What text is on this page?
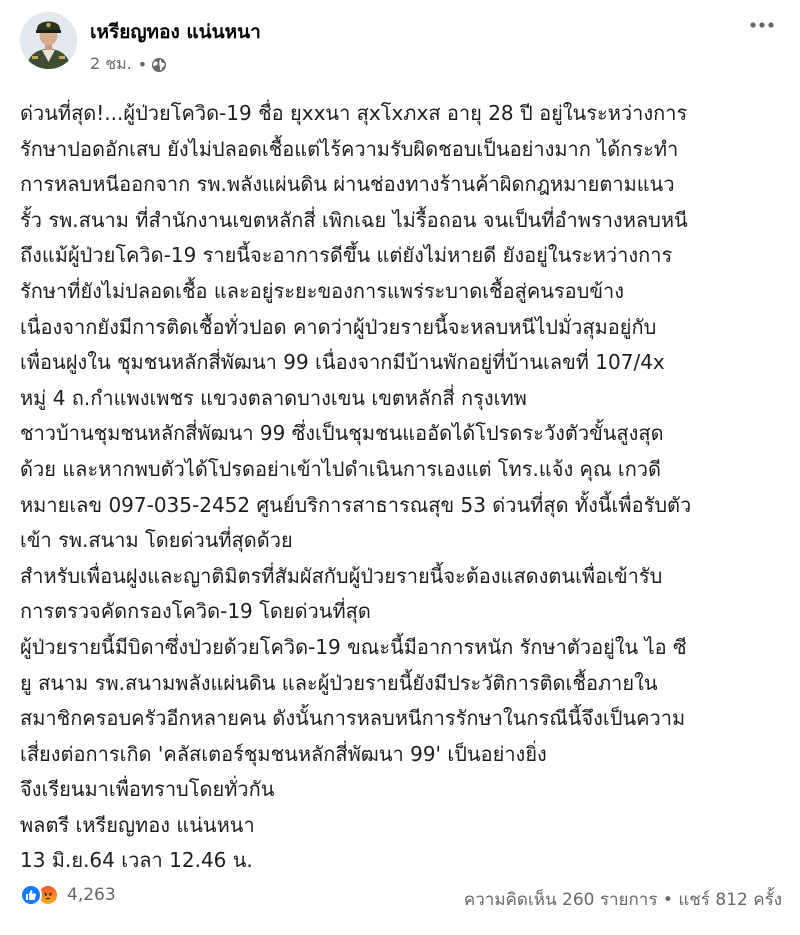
เหรียญทอง แน่นหนา
2 ชม. •
ด่วนที่สุด!...ผู้ป่วยโควิด-19 ชื่อ ยุxxนา สุxโxภxส อายุ 28 ปี อยู่ในระหว่างการ
รักษาปอดอักเสบ ยังไม่ปลอดเชื้อแต่ไร้ความรับผิดชอบเป็นอย่างมาก ได้กระทำ
การหลบหนีออกจาก รพ.พลังแผ่นดิน ผ่านช่องทางร้านค้าผิดกฎหมายตามแนว
รั้ว รพ.สนาม ที่สำนักงานเขตหลักสี่ เพิกเฉย ไม่รื้อถอน จนเป็นที่อำพรางหลบหนี
ถึงแม้ผู้ป่วยโควิด-19 รายนี้จะอาการดีขึ้น แต่ยังไม่หายดี ยังอยู่ในระหว่างการ
รักษาที่ยังไม่ปลอดเชื้อ และอยู่ระยะของการแพร่ระบาดเชื้อสู่คนรอบข้าง
เนื่องจากยังมีการติดเชื้อทั่วปอด คาดว่าผู้ป่วยรายนี้จะหลบหนีไปมั่วสุมอยู่กับ
เพื่อนฝูงใน ชุมชนหลักสี่พัฒนา 99 เนื่องจากมีบ้านพักอยู่ที่บ้านเลขที่ 107/4x
หมู่ 4 ถ.กำแพงเพชร แขวงตลาดบางเขน เขตหลักสี่ กรุงเทพ
ชาวบ้านชุมชนหลักสี่พัฒนา 99 ซึ่งเป็นชุมชนแออัดได้โปรดระวังตัวขั้นสูงสุด
ด้วย และหากพบตัวได้โปรดอย่าเข้าไปดำเนินการเองแต่ โทร.แจ้ง คุณ เกวดี
หมายเลข 097-035-2452 ศูนย์บริการสาธารณสุข 53 ด่วนที่สุด ทั้งนี้เพื่อรับตัว
เข้า รพ.สนาม โดยด่วนที่สุดด้วย
สำหรับเพื่อนฝูงและญาติมิตรที่สัมผัสกับผู้ป่วยรายนี้จะต้องแสดงตนเพื่อเข้ารับ
การตรวจคัดกรองโควิด-19 โดยด่วนที่สุด
ผู้ป่วยรายนี้มีบิดาซึ่งป่วยด้วยโควิด-19 ขณะนี้มีอาการหนัก รักษาตัวอยู่ใน ไอ ซี
ยู สนาม รพ.สนามพลังแผ่นดิน และผู้ป่วยรายนี้ยังมีประวัติการติดเชื้อภายใน
สมาชิกครอบครัวอีกหลายคน ดังนั้นการหลบหนีการรักษาในกรณีนี้จึงเป็นความ
เสี่ยงต่อการเกิด 'คลัสเตอร์ชุมชนหลักสี่พัฒนา 99' เป็นอย่างยิ่ง
จึงเรียนมาเพื่อทราบโดยทั่วกัน
พลตรี เหรียญทอง แน่นหนา
13 มิ.ย.64 เวลา 12.46 น.
4,263	ความคิดเห็น 260 รายการ • แชร์ 812 ครั้ง
